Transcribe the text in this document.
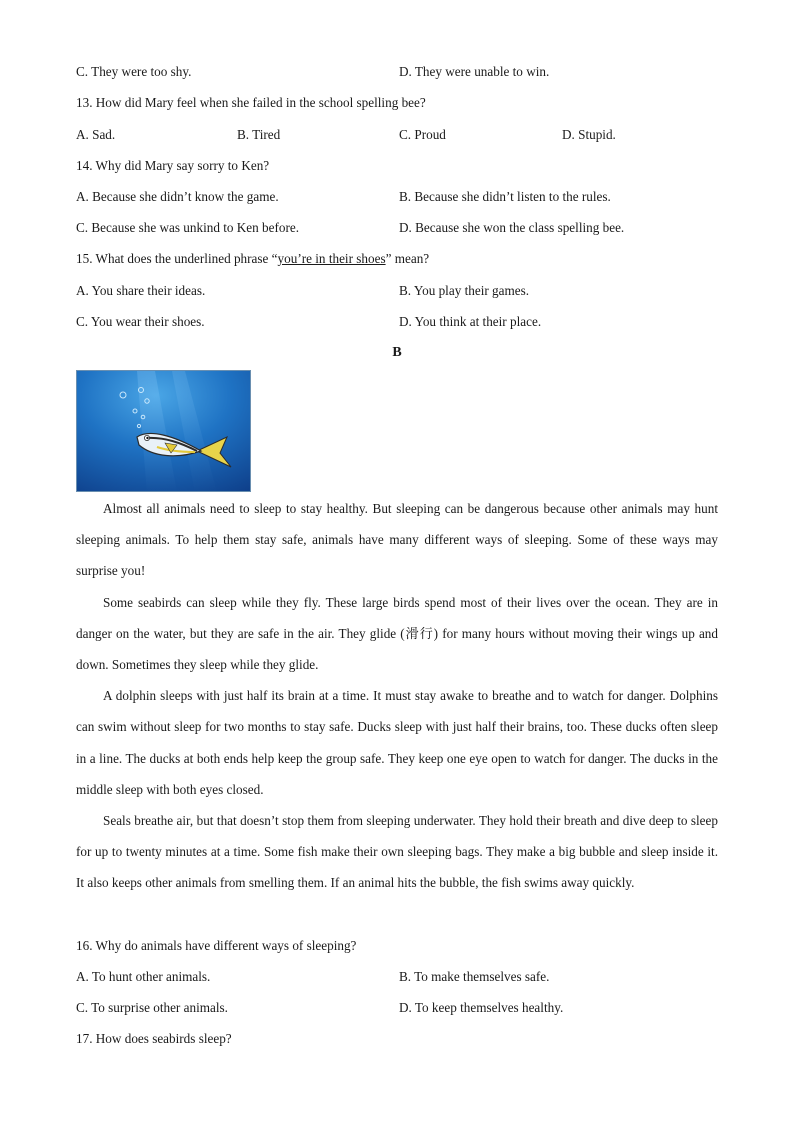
C. They were too shy.	D. They were unable to win.
13. How did Mary feel when she failed in the school spelling bee?
A. Sad.	B. Tired	C. Proud	D. Stupid.
14. Why did Mary say sorry to Ken?
A. Because she didn’t know the game.	B. Because she didn’t listen to the rules.
C. Because she was unkind to Ken before.	D. Because she won the class spelling bee.
15. What does the underlined phrase “you’re in their shoes” mean?
A. You share their ideas.	B. You play their games.
C. You wear their shoes.	D. You think at their place.
B

Almost all animals need to sleep to stay healthy. But sleeping can be dangerous because other animals may hunt sleeping animals. To help them stay safe, animals have many different ways of sleeping. Some of these ways may surprise you!

Some seabirds can sleep while they fly. These large birds spend most of their lives over the ocean. They are in danger on the water, but they are safe in the air. They glide (滑行) for many hours without moving their wings up and down. Sometimes they sleep while they glide.

A dolphin sleeps with just half its brain at a time. It must stay awake to breathe and to watch for danger. Dolphins can swim without sleep for two months to stay safe. Ducks sleep with just half their brains, too. These ducks often sleep in a line. The ducks at both ends help keep the group safe. They keep one eye open to watch for danger. The ducks in the middle sleep with both eyes closed.

Seals breathe air, but that doesn’t stop them from sleeping underwater. They hold their breath and dive deep to sleep for up to twenty minutes at a time. Some fish make their own sleeping bags. They make a big bubble and sleep inside it. It also keeps other animals from smelling them. If an animal hits the bubble, the fish swims away quickly.

16. Why do animals have different ways of sleeping?
A. To hunt other animals.	B. To make themselves safe.
C. To surprise other animals.	D. To keep themselves healthy.
17. How does seabirds sleep?
